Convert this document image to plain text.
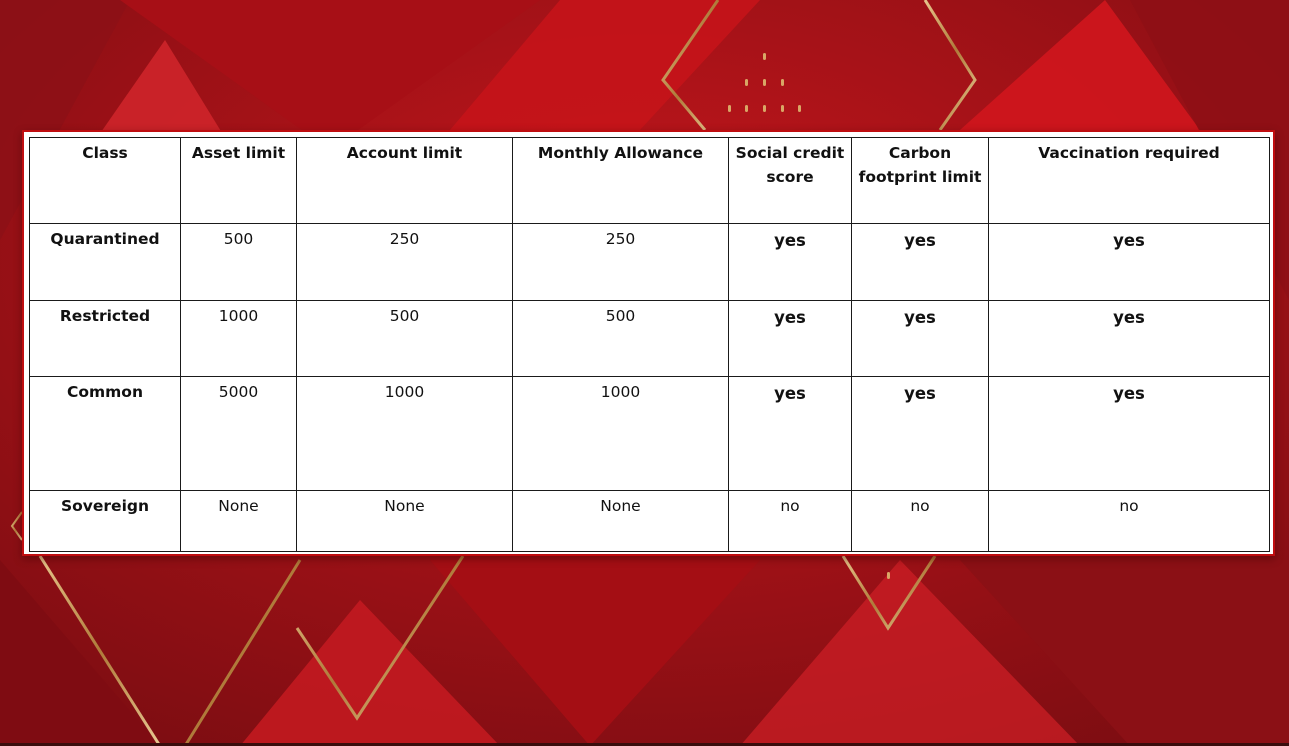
Class	Asset limit	Account limit	Monthly Allowance	Social credit score	Carbon footprint limit	Vaccination required
Quarantined	500	250	250	yes	yes	yes
Restricted	1000	500	500	yes	yes	yes
Common	5000	1000	1000	yes	yes	yes
Sovereign	None	None	None	no	no	no
